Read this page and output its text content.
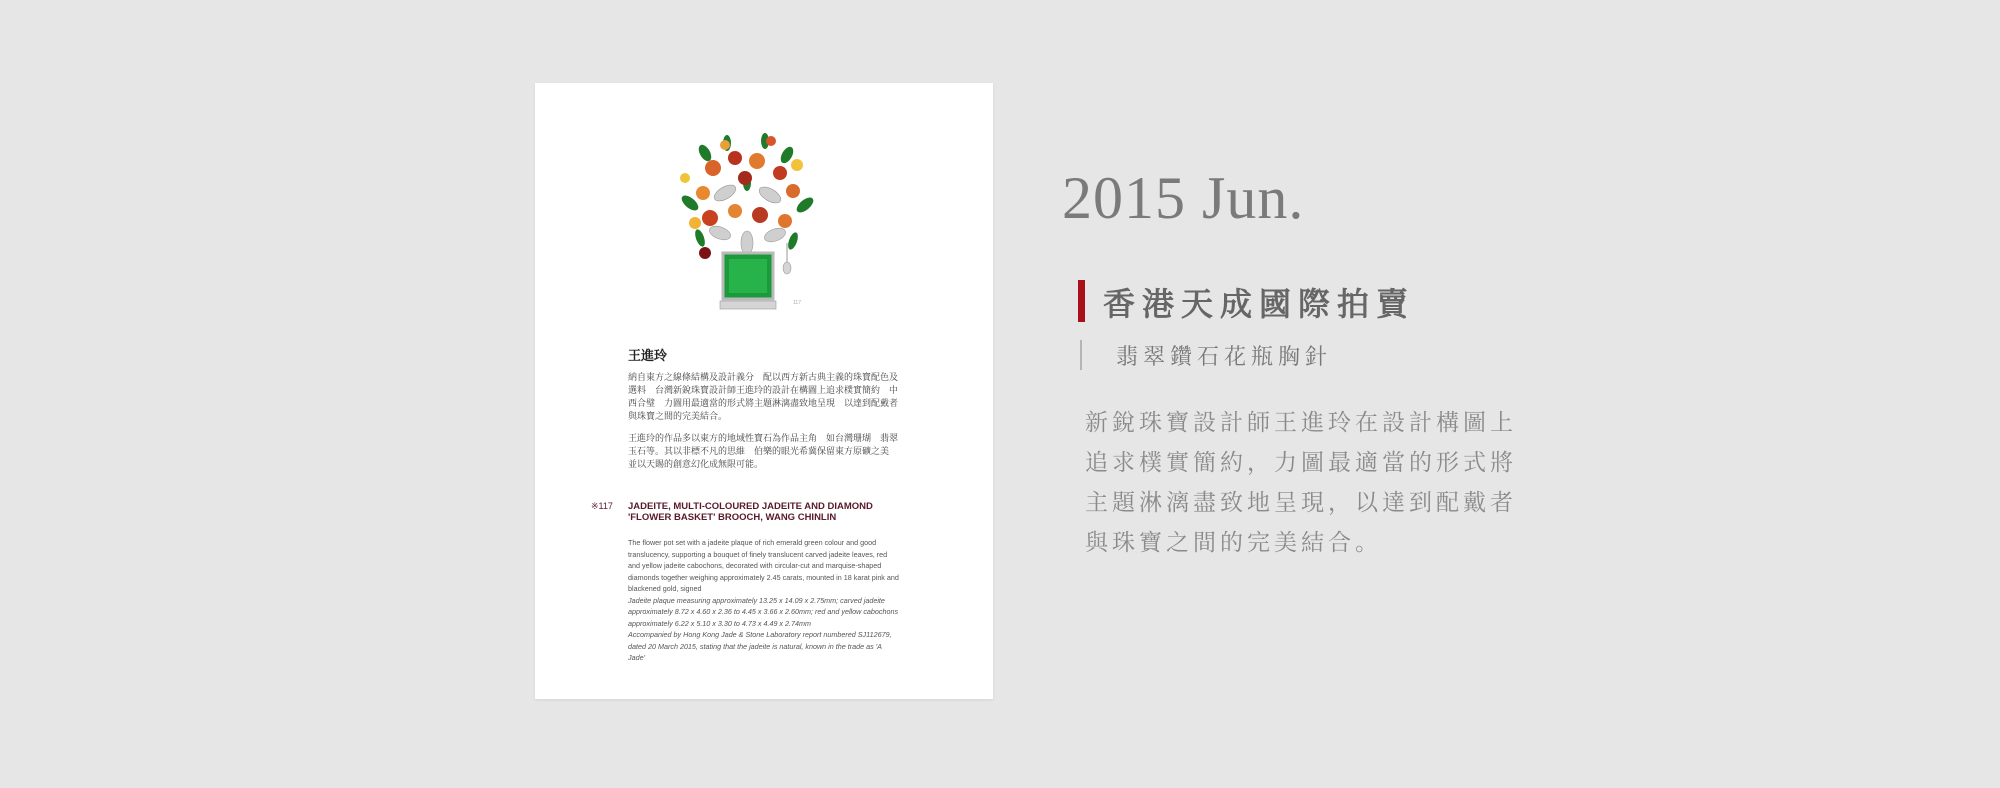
117
王進玲
納自東方之線條結構及設計義分　配以西方新古典主義的珠寶配色及選料　台灣新銳珠寶設計師王進玲的設計在構圖上追求樸實簡約　中西合璧　力圖用最適當的形式將主題淋漓盡致地呈現　以達到配戴者與珠寶之間的完美結合。
王進玲的作品多以東方的地域性寶石為作品主角　如台灣珊瑚　翡翠玉石等。其以非標不凡的思維　伯樂的眼光希冀保留東方原礦之美　並以天賜的創意幻化成無限可能。
※117 JADEITE, MULTI-COLOURED JADEITE AND DIAMOND 'FLOWER BASKET' BROOCH, WANG CHINLIN
The flower pot set with a jadeite plaque of rich emerald green colour and good translucency, supporting a bouquet of finely translucent carved jadeite leaves, red and yellow jadeite cabochons, decorated with circular-cut and marquise-shaped diamonds together weighing approximately 2.45 carats, mounted in 18 karat pink and blackened gold, signed
Jadeite plaque measuring approximately 13.25 x 14.09 x 2.75mm; carved jadeite approximately 8.72 x 4.60 x 2.36 to 4.45 x 3.66 x 2.60mm; red and yellow cabochons approximately 6.22 x 5.10 x 3.30 to 4.73 x 4.49 x 2.74mm
Accompanied by Hong Kong Jade & Stone Laboratory report numbered SJ112679, dated 20 March 2015, stating that the jadeite is natural, known in the trade as 'A Jade'
2015 Jun.
香港天成國際拍賣
翡翠鑽石花瓶胸針
新銳珠寶設計師王進玲在設計構圖上追求樸實簡約，力圖最適當的形式將主題淋漓盡致地呈現，以達到配戴者與珠寶之間的完美結合。
